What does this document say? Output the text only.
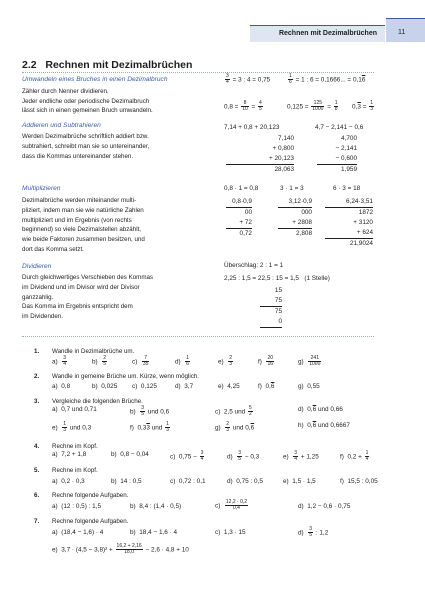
Rechnen mit Dezimalbrüchen	11
2.2 Rechnen mit Dezimalbrüchen
Umwandeln eines Bruches in einen Dezimalbruch	$\frac{3}{4} = 3$ : 4 = 0,75	$\frac{1}{6} = 1$ : 6 = 0,1666... = 0,16
Zähler durch Nenner dividieren.
Jeder endliche oder periodische Dezimalbruch
lässt sich in einen gemeinen Bruch umwandeln.
$0,8 = \frac{8}{10} = \frac{4}{5}$	$0,125 = \frac{125}{1000} = \frac{1}{8} 0,3 = \frac{1}{3}$
Addieren und Subtrahieren
Werden Dezimalbrüche schriftlich addiert bzw.
subtrahiert, schreibt man sie so untereinander,
dass die Kommas untereinander stehen.
7,14 + 0,8 + 20,123
7,140
+ 0,800
+ 20,123
28,063
4,7 − 2,141 − 0,6
4,700
− 2,141
− 0,600
1,959
Multiplizieren
Dezimalbrüche werden miteinander multi-
pliziert, indem man sie wie natürliche Zahlen
multipliziert und im Ergebnis (von rechts
beginnend) so viele Dezimalstellen abzählt,
wie beide Faktoren zusammen besitzen, und
dort das Komma setzt.
0,8 · 1 = 0,8
0,8·0,9
00
+ 72
0,72
3 · 1 = 3
3,12·0,9
000
+ 2808
2,808
6 · 3 = 18
6,24·3,51
1872
+ 3120
+ 624
21,9024
Dividieren
Durch gleichwertiges Verschieben des Kommas
im Dividend und im Divisor wird der Divisor
ganzzahlig.
Das Komma im Ergebnis entspricht dem
im Dividenden.
Überschlag: 2 : 1 = 1
2,25 : 1,5 = 22,5 : 15 = 1,5 (1 Stelle)
15
75
75
0
1. Wandle in Dezimalbrüche um.
$a) \frac{3}{4}$	$b) \frac{2}{5}$	$c) \frac{7}{35}$	$d) \frac{1}{6}$	$e) \frac{2}{3}$	$f) \frac{20}{16}$	$g) \frac{241}{1000}$
2. Wandle in gemeine Brüche um. Kürze, wenn möglich.
a) 0,8	b) 0,025 c) 0,125	d) 3,7	e) 4,25	f) 0,6	g) 0,55
3. Vergleiche die folgenden Brüche.
a) 0,7 und 0,71	$b) \frac{3}{5}$ und 0,6	c) 2,5 und $\frac{5}{2}$	d) 0,6 und 0,66
$e) \frac{1}{3}$ und 0,3	f) 0,33 und $\frac{1}{3}$	$g) \frac{2}{3}$ und 0,6	h) 0,6 und 0,6667
4. Rechne im Kopf.
a) 7,2 + 1,8	b) 0,8 − 0,04	c) $0,75 - \frac{3}{4}$	$d) \frac{3}{5} - 0,3$	$e) \frac{3}{4} + 1,25$	f) $0,2 + \frac{1}{4}$
5. Rechne im Kopf.
a) 0,2 · 0,3	b) 14 : 0,5	c) 0,72 : 0,1	d) 0,75 : 0,5	e) 1,5 · 1,5	f) 15,5 : 0,05
6. Rechne folgende Aufgaben.
a) (12 : 0,5) : 1,5	b) 8,4 : (1,4 · 0,5)	$c) \frac{12,2 \cdot 0,2}{0,4}$	d) 1,2 − 0,6 · 0,75
7. Rechne folgende Aufgaben.
a) (18,4 − 1,6) · 4	b) 18,4 − 1,6 · 4	c) 1,3 · 15	$d) \frac{3}{5}$ : 1,2
e) $3,7 \cdot (4,5 - 3,8)^2 + \frac{16,2 + 2,16}{18,0} - 2,6 \cdot 4,8 + 10$
